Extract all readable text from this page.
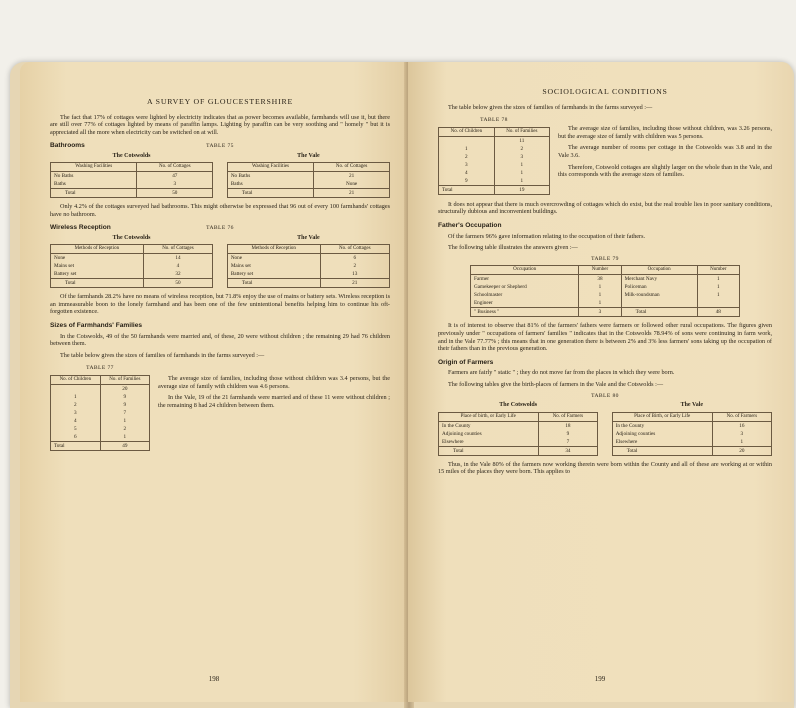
A SURVEY OF GLOUCESTERSHIRE

The fact that 17% of cottages were lighted by electricity indicates that as power becomes available, farmhands will use it, but there are still over 77% of cottages lighted by means of paraffin lamps. Lighting by paraffin can be very soothing and " homely " but it is appreciated all the more when electricity can be switched on at will.

Bathrooms	TABLE 75
The Cotswolds
Washing Facilities	No. of Cottages
No Baths	47
Baths	3
Total	50
The Vale
Washing Facilities	No. of Cottages
No Baths	21
Baths	None
Total	21

Only 4.2% of the cottages surveyed had bathrooms. This might otherwise be expressed that 96 out of every 100 farmhands' cottages have no bathroom.

Wireless Reception	TABLE 76
The Cotswolds
Methods of Reception	No. of Cottages
None	14
Mains set	4
Battery set	32
Total	50
The Vale
Methods of Reception	No. of Cottages
None	6
Mains set	2
Battery set	13
Total	21

Of the farmhands 28.2% have no means of wireless reception, but 71.8% enjoy the use of mains or battery sets. Wireless reception is an immeasurable boon to the lonely farmhand and has been one of the few unintentional benefits helping him to continue his oft-forgotten existence.

Sizes of Farmhands' Families

In the Cotswolds, 49 of the 50 farmhands were married and, of these, 20 were without children ; the remaining 29 had 76 children between them.

The table below gives the sizes of families of farmhands in the farms surveyed :—

TABLE 77
No. of Children	No. of Families
	20
1	9
2	9
3	7
4	1
5	2
6	1
Total	49

The average size of families, including those without children was 3.4 persons, but the average size of family with children was 4.6 persons.

In the Vale, 19 of the 21 farmhands were married and of these 11 were without children ; the remaining 8 had 24 children between them.

198
SOCIOLOGICAL CONDITIONS

The table below gives the sizes of families of farmhands in the farms surveyed :—

TABLE 78
No. of Children	No. of Families
	11
1	2
2	3
3	1
4	1
9	1
Total	19

The average size of families, including those without children, was 3.26 persons, but the average size of family with children was 5 persons.

The average number of rooms per cottage in the Cotswolds was 3.8 and in the Vale 3.6.

Therefore, Cotswold cottages are slightly larger on the whole than in the Vale, and this corresponds with the average sizes of families.

It does not appear that there is much overcrowding of cottages which do exist, but the real trouble lies in poor sanitary conditions, structurally dubious and inconvenient buildings.

Father's Occupation

Of the farmers 96% gave information relating to the occupation of their fathers.

The following table illustrates the answers given :—

TABLE 79
Occupation	Number	Occupation	Number
Farmer	38	Merchant Navy	1
Gamekeeper or Shepherd	1	Policeman	1
Schoolmaster	1	Milk-roundsman	1
Engineer	1		
" Business "	3	Total	48

It is of interest to observe that 81% of the farmers' fathers were farmers or followed other rural occupations. The figures given previously under " occupations of farmers' families " indicates that in the Cotswolds 78.94% of sons were continuing in farm work, and in the Vale 77.77% ; this means that in one generation there is between 2% and 3% less farmers' sons taking up the occupation of their fathers than in the previous generation.

Origin of Farmers

Farmers are fairly " static " ; they do not move far from the places in which they were born.

The following tables give the birth-places of farmers in the Vale and the Cotswolds :—

TABLE 80
The Cotswolds
Place of birth, or Early Life	No. of Farmers
In the County	18
Adjoining counties	9
Elsewhere	7
Total	34
The Vale
Place of Birth, or Early Life	No. of Farmers
In the County	16
Adjoining counties	3
Elsewhere	1
Total	20

Thus, in the Vale 80% of the farmers now working therein were born within the County and all of these are working at or within 15 miles of the places they were born. This applies to

199
